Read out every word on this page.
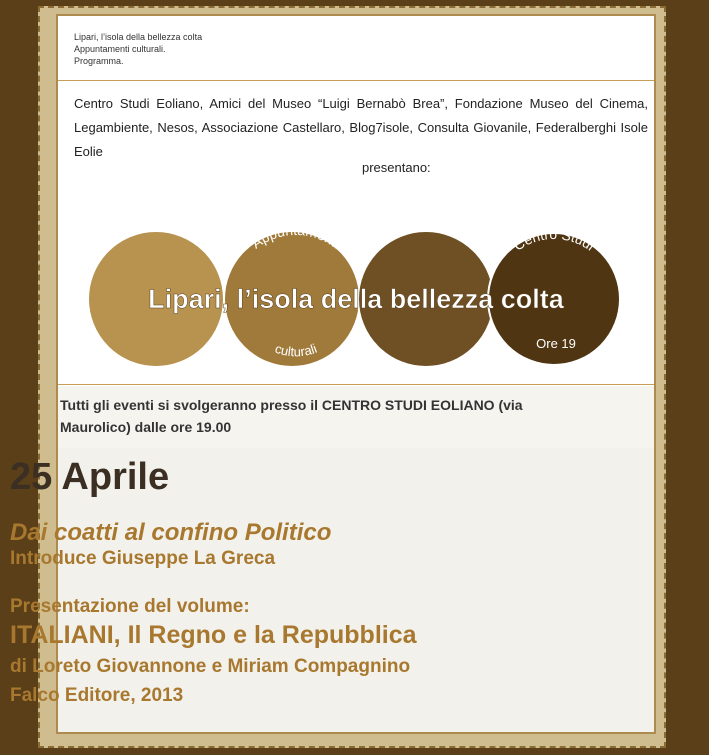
Lipari, l’isola della bellezza colta
Appuntamenti culturali.
Programma.
Centro Studi Eoliano, Amici del Museo “Luigi Bernabò Brea”, Fondazione Museo del Cinema, Legambiente, Nesos, Associazione Castellaro, Blog7isole, Consulta Giovanile, Federalberghi Isole Eolie
presentano:
Appuntamenti
culturali
Centro Studi
Ore 19
Lipari, l’isola della bellezza colta
Tutti gli eventi si svolgeranno presso il CENTRO STUDI EOLIANO (via Maurolico) dalle ore 19.00
25 Aprile
Dai coatti al confino Politico
Introduce Giuseppe La Greca
Presentazione del volume:
ITALIANI, Il Regno e la Repubblica
di Loreto Giovannone e Miriam Compagnino
Falco Editore, 2013
